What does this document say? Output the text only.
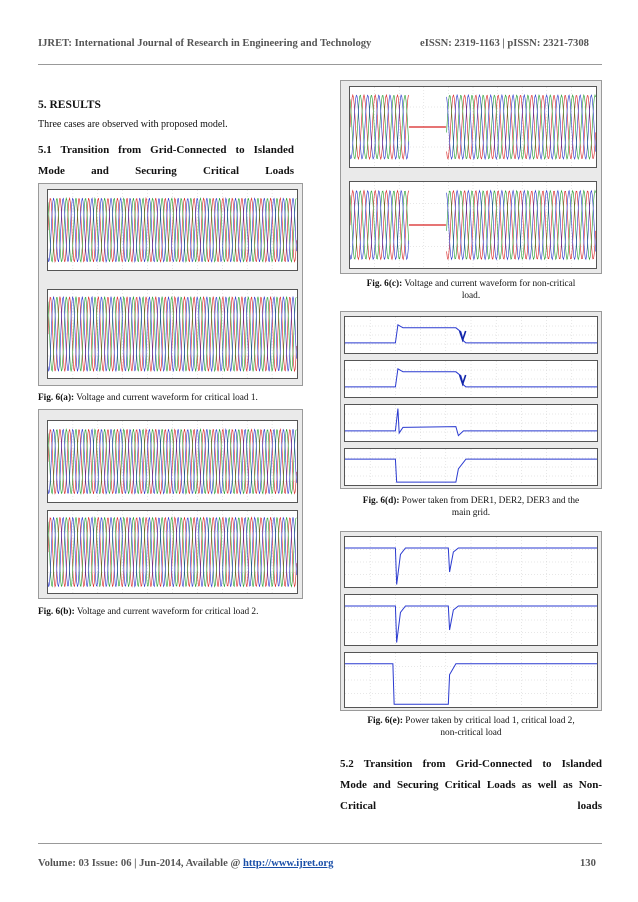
IJRET: International Journal of Research in Engineering and Technology	eISSN: 2319-1163 | pISSN: 2321-7308
5. RESULTS
Three cases are observed with proposed model.
5.1 Transition from Grid-Connected to Islanded
Mode and Securing Critical Loads
Fig. 6(a): Voltage and current waveform for critical load 1.
Fig. 6(b): Voltage and current waveform for critical load 2.
Fig. 6(c): Voltage and current waveform for non-critical
load.
Fig. 6(d): Power taken from DER1, DER2, DER3 and the
main grid.
Fig. 6(e): Power taken by critical load 1, critical load 2,
non-critical load
5.2 Transition from Grid-Connected to Islanded
Mode and Securing Critical Loads as well as Non-
Critical loads
Volume: 03 Issue: 06 | Jun-2014, Available @ http://www.ijret.org	130
